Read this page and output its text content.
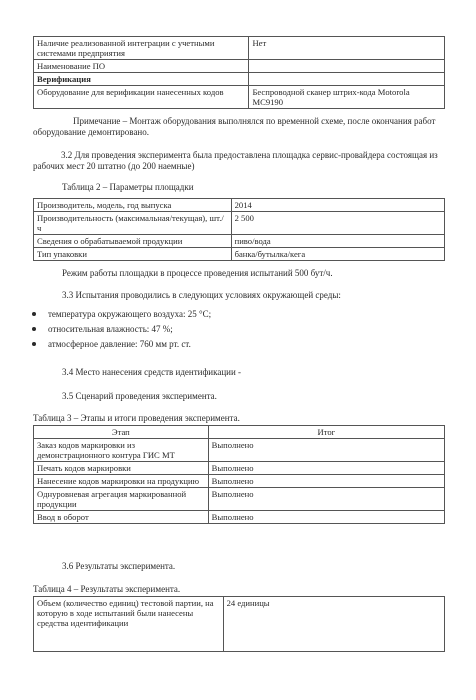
Наличие реализованной интеграции с учетными системами предприятия	Нет
Наименование ПО	
Верификация	
Оборудование для верификации нанесенных кодов	Беспроводной сканер штрих-кода Motorola MC9190

Примечание – Монтаж оборудования выполнялся по временной схеме, после окончания работ оборудование демонтировано.

3.2 Для проведения эксперимента была предоставлена площадка сервис-провайдера состоящая из рабочих мест 20 штатно (до 200 наемные)

Таблица 2 – Параметры площадки

Производитель, модель, год выпуска	2014
Производительность (максимальная/текущая), шт./ч	2 500
Сведения о обрабатываемой продукции	пиво/вода
Тип упаковки	банка/бутылка/кега

Режим работы площадки в процессе проведения испытаний 500 бут/ч.

3.3 Испытания проводились в следующих условиях окружающей среды:

температура окружающего воздуха: 25 °С;
относительная влажность: 47 %;
атмосферное давление: 760 мм рт. ст.

3.4 Место нанесения средств идентификации -

3.5 Сценарий проведения эксперимента.

Таблица 3 – Этапы и итоги проведения эксперимента.

Этап	Итог
Заказ кодов маркировки из демонстрационного контура ГИС МТ	Выполнено
Печать кодов маркировки	Выполнено
Нанесение кодов маркировки на продукцию	Выполнено
Однуровневая агрегация маркированной продукции	Выполнено
Ввод в оборот	Выполнено

3.6 Результаты эксперимента.

Таблица 4 – Результаты эксперимента.

Объем (количество единиц) тестовой партии, на которую в ходе испытаний были нанесены средства идентификации	24 единицы
